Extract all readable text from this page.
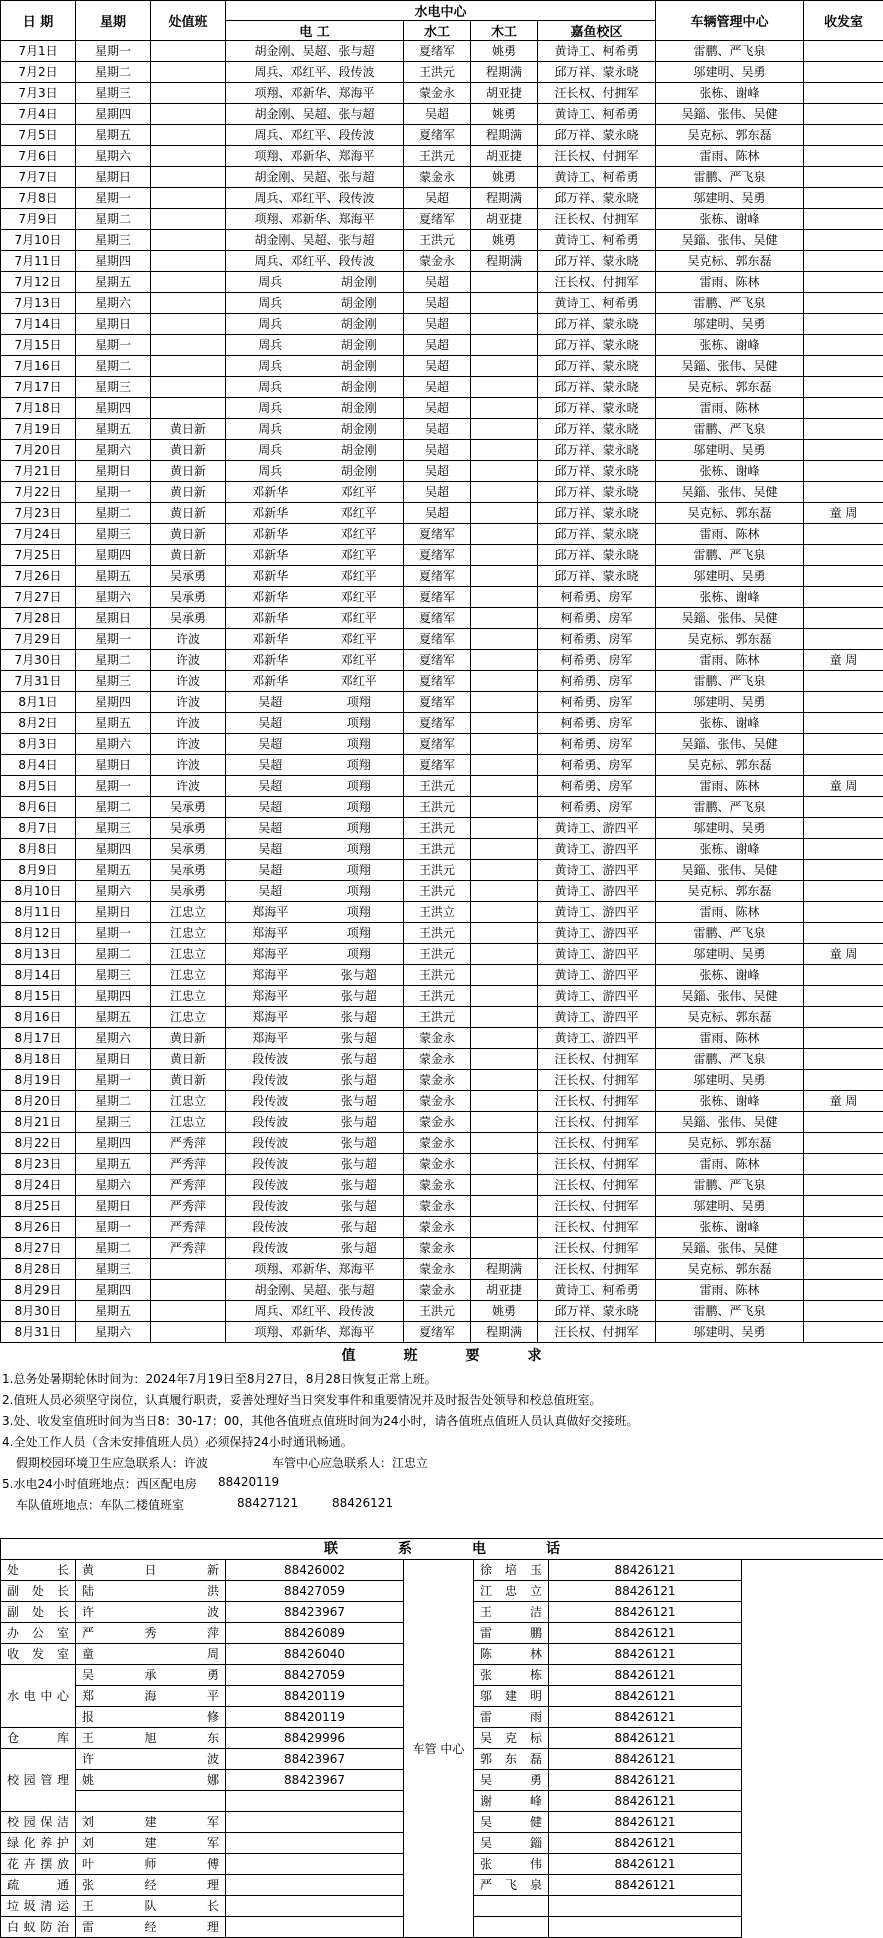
日 期	星期	处值班	水电中心				车辆管理中心	收发室
			电 工	水工	木工	嘉鱼校区		
7月1日	星期一		胡金刚、吴超、张与超	夏绪军	姚勇	黄诗工、柯希勇	雷鹏、严飞泉	
7月2日	星期二		周兵、邓红平、段传波	王洪元	程期满	邱万祥、蒙永晓	邬建明、吴勇	
7月3日	星期三		项翔、邓新华、郑海平	蒙金永	胡亚捷	汪长权、付拥军	张栋、谢峰	
7月4日	星期四		胡金刚、吴超、张与超	吴超	姚勇	黄诗工、柯希勇	吴錙、张伟、吴健	
7月5日	星期五		周兵、邓红平、段传波	夏绪军	程期满	邱万祥、蒙永晓	吴克标、郭东磊	
7月6日	星期六		项翔、邓新华、郑海平	王洪元	胡亚捷	汪长权、付拥军	雷雨、陈林	
7月7日	星期日		胡金刚、吴超、张与超	蒙金永	姚勇	黄诗工、柯希勇	雷鹏、严飞泉	
7月8日	星期一		周兵、邓红平、段传波	吴超	程期满	邱万祥、蒙永晓	邬建明、吴勇	
7月9日	星期二		项翔、邓新华、郑海平	夏绪军	胡亚捷	汪长权、付拥军	张栋、谢峰	
7月10日	星期三		胡金刚、吴超、张与超	王洪元	姚勇	黄诗工、柯希勇	吴錙、张伟、吴健	
7月11日	星期四		周兵、邓红平、段传波	蒙金永	程期满	邱万祥、蒙永晓	吴克标、郭东磊	
7月12日	星期五		周兵 胡金刚	吴超		汪长权、付拥军	雷雨、陈林	
7月13日	星期六		周兵 胡金刚	吴超		黄诗工、柯希勇	雷鹏、严飞泉	
7月14日	星期日		周兵 胡金刚	吴超		邱万祥、蒙永晓	邬建明、吴勇	
7月15日	星期一		周兵 胡金刚	吴超		邱万祥、蒙永晓	张栋、谢峰	
7月16日	星期二		周兵 胡金刚	吴超		邱万祥、蒙永晓	吴錙、张伟、吴健	
7月17日	星期三		周兵 胡金刚	吴超		邱万祥、蒙永晓	吴克标、郭东磊	
7月18日	星期四		周兵 胡金刚	吴超		邱万祥、蒙永晓	雷雨、陈林	
7月19日	星期五	黄日新	周兵 胡金刚	吴超		邱万祥、蒙永晓	雷鹏、严飞泉	
7月20日	星期六	黄日新	周兵 胡金刚	吴超		邱万祥、蒙永晓	邬建明、吴勇	
7月21日	星期日	黄日新	周兵 胡金刚	吴超		邱万祥、蒙永晓	张栋、谢峰	
7月22日	星期一	黄日新	邓新华 邓红平	吴超		邱万祥、蒙永晓	吴錙、张伟、吴健	
7月23日	星期二	黄日新	邓新华 邓红平	吴超		邱万祥、蒙永晓	吴克标、郭东磊	童 周
7月24日	星期三	黄日新	邓新华 邓红平	夏绪军		邱万祥、蒙永晓	雷雨、陈林	
7月25日	星期四	黄日新	邓新华 邓红平	夏绪军		邱万祥、蒙永晓	雷鹏、严飞泉	
7月26日	星期五	吴承勇	邓新华 邓红平	夏绪军		邱万祥、蒙永晓	邬建明、吴勇	
7月27日	星期六	吴承勇	邓新华 邓红平	夏绪军		柯希勇、房军	张栋、谢峰	
7月28日	星期日	吴承勇	邓新华 邓红平	夏绪军		柯希勇、房军	吴錙、张伟、吴健	
7月29日	星期一	许波	邓新华 邓红平	夏绪军		柯希勇、房军	吴克标、郭东磊	
7月30日	星期二	许波	邓新华 邓红平	夏绪军		柯希勇、房军	雷雨、陈林	童 周
7月31日	星期三	许波	邓新华 邓红平	夏绪军		柯希勇、房军	雷鹏、严飞泉	
8月1日	星期四	许波	吴超 项翔	夏绪军		柯希勇、房军	邬建明、吴勇	
8月2日	星期五	许波	吴超 项翔	夏绪军		柯希勇、房军	张栋、谢峰	
8月3日	星期六	许波	吴超 项翔	夏绪军		柯希勇、房军	吴錙、张伟、吴健	
8月4日	星期日	许波	吴超 项翔	夏绪军		柯希勇、房军	吴克标、郭东磊	
8月5日	星期一	许波	吴超 项翔	王洪元		柯希勇、房军	雷雨、陈林	童 周
8月6日	星期二	吴承勇	吴超 项翔	王洪元		柯希勇、房军	雷鹏、严飞泉	
8月7日	星期三	吴承勇	吴超 项翔	王洪元		黄诗工、游四平	邬建明、吴勇	
8月8日	星期四	吴承勇	吴超 项翔	王洪元		黄诗工、游四平	张栋、谢峰	
8月9日	星期五	吴承勇	吴超 项翔	王洪元		黄诗工、游四平	吴錙、张伟、吴健	
8月10日	星期六	吴承勇	吴超 项翔	王洪元		黄诗工、游四平	吴克标、郭东磊	
8月11日	星期日	江忠立	郑海平 项翔	王洪立		黄诗工、游四平	雷雨、陈林	
8月12日	星期一	江忠立	郑海平 项翔	王洪元		黄诗工、游四平	雷鹏、严飞泉	
8月13日	星期二	江忠立	郑海平 项翔	王洪元		黄诗工、游四平	邬建明、吴勇	童 周
8月14日	星期三	江忠立	郑海平 张与超	王洪元		黄诗工、游四平	张栋、谢峰	
8月15日	星期四	江忠立	郑海平 张与超	王洪元		黄诗工、游四平	吴錙、张伟、吴健	
8月16日	星期五	江忠立	郑海平 张与超	王洪元		黄诗工、游四平	吴克标、郭东磊	
8月17日	星期六	黄日新	郑海平 张与超	蒙金永		黄诗工、游四平	雷雨、陈林	
8月18日	星期日	黄日新	段传波 张与超	蒙金永		汪长权、付拥军	雷鹏、严飞泉	
8月19日	星期一	黄日新	段传波 张与超	蒙金永		汪长权、付拥军	邬建明、吴勇	
8月20日	星期二	江忠立	段传波 张与超	蒙金永		汪长权、付拥军	张栋、谢峰	童 周
8月21日	星期三	江忠立	段传波 张与超	蒙金永		汪长权、付拥军	吴錙、张伟、吴健	
8月22日	星期四	严秀萍	段传波 张与超	蒙金永		汪长权、付拥军	吴克标、郭东磊	
8月23日	星期五	严秀萍	段传波 张与超	蒙金永		汪长权、付拥军	雷雨、陈林	
8月24日	星期六	严秀萍	段传波 张与超	蒙金永		汪长权、付拥军	雷鹏、严飞泉	
8月25日	星期日	严秀萍	段传波 张与超	蒙金永		汪长权、付拥军	邬建明、吴勇	
8月26日	星期一	严秀萍	段传波 张与超	蒙金永		汪长权、付拥军	张栋、谢峰	
8月27日	星期二	严秀萍	段传波 张与超	蒙金永		汪长权、付拥军	吴錙、张伟、吴健	
8月28日	星期三		项翔、邓新华、郑海平	蒙金永	程期满	汪长权、付拥军	吴克标、郭东磊	
8月29日	星期四		胡金刚、吴超、张与超	蒙金永	胡亚捷	黄诗工、柯希勇	雷雨、陈林	
8月30日	星期五		周兵、邓红平、段传波	王洪元	姚勇	邱万祥、蒙永晓	雷鹏、严飞泉	
8月31日	星期六		项翔、邓新华、郑海平	夏绪军	程期满	汪长权、付拥军	邬建明、吴勇	
值班要求
1.总务处暑期轮休时间为：2024年7月19日至8月27日，8月28日恢复正常上班。
2.值班人员必须坚守岗位，认真履行职责，妥善处理好当日突发事件和重要情况并及时报告处领导和校总值班室。
3.处、收发室值班时间为当日8：30-17：00，其他各值班点值班时间为24小时，请各值班点值班人员认真做好交接班。
4.全处工作人员（含未安排值班人员）必须保持24小时通讯畅通。
假期校园环境卫生应急联系人：许波	车管中心应急联系人：江忠立
5.水电24小时值班地点：西区配电房 88420119
车队值班地点：车队二楼值班室	88427121	88426121
联系电话						
处 长	黄日新	88426002	车管 中心	徐培玉	88426121	
副处长	陆 洪	88427059		江忠立	88426121	
副处长	许 波	88423967		王 洁	88426121	
办公室	严秀萍	88426089		雷 鹏	88426121	
收发室	童 周	88426040		陈 林	88426121	
水电中心	吴承勇	88427059		张 栋	88426121	
	郑海平	88420119		邬建明	88426121	
	报 修	88420119		雷 雨	88426121	
仓 库	王旭东	88429996		吴克标	88426121	
校园管理	许 波	88423967		郭东磊	88426121	
	姚 娜	88423967		吴 勇	88426121	
				谢 峰	88426121	
校园保洁	刘建军			吴 健	88426121	
绿化养护	刘建军			吴 錙	88426121	
花卉摆放	叶师傅			张 伟	88426121	
疏 通	张经理			严飞泉	88426121	
垃圾清运	王队长					
白蚁防治	雷经理					
